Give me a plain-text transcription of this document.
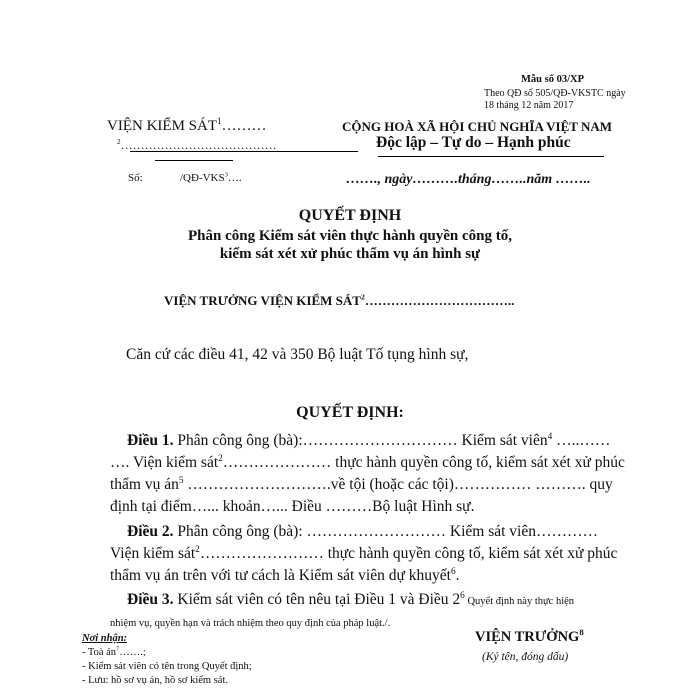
Mẫu số 03/XP
Theo QĐ số 505/QĐ-VKSTC ngày 18 tháng 12 năm 2017
VIỆN KIỂM SÁT$^1$………
$^2$…………………………………
CỘNG HOÀ XÃ HỘI CHỦ NGHĨA VIỆT NAM
Độc lập – Tự do – Hạnh phúc
Số:	/QĐ-VKS$^3$….	……., ngày……….tháng……..năm ……..
QUYẾT ĐỊNH
Phân công Kiểm sát viên thực hành quyền công tố,
kiểm sát xét xử phúc thẩm vụ án hình sự
VIỆN TRƯỞNG VIỆN KIỂM SÁT$^2$……………………………..
Căn cứ các điều 41, 42 và 350 Bộ luật Tố tụng hình sự,
QUYẾT ĐỊNH:
Điều 1. Phân công ông (bà):………………………… Kiểm sát viên$^4$ …..……
…. Viện kiểm sát$^2$………………… thực hành quyền công tố, kiểm sát xét xử phúc
thẩm vụ $án^5$ ……………………….về tội (hoặc các tội)…………… ………. quy
định tại điểm…... khoản…... Điều ………Bộ luật Hình sự.
Điều 2. Phân công ông (bà): ……………………… Kiểm sát viên…………
Viện kiểm sát$^2$…………………… thực hành quyền công tố, kiểm sát xét xử phúc
thẩm vụ án trên với tư cách là Kiểm sát viên dự khuyết$^6$.
Điều 3. Kiểm sát viên có tên nêu tại Điều 1 và Điều $2^6$ Quyết định này thực hiện
nhiệm vụ, quyền hạn và trách nhiệm theo quy định của pháp luật./.
Nơi nhận:
- Toà $án^7\dots\dots$.;
- Kiểm sát viên có tên trong Quyết định;
- Lưu: hồ sơ vụ án, hồ sơ kiểm sát.
VIỆN TRƯỞNG$^8$
(Ký tên, đóng dấu)
